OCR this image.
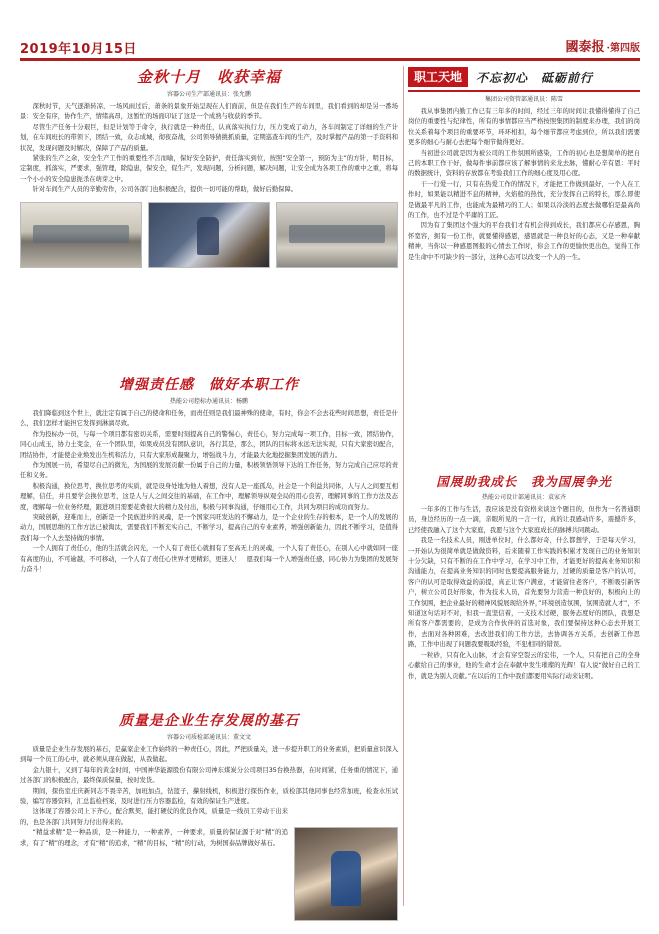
2019年10月15日	國泰报 ·第四版
金秋十月　收获幸福
容器公司生产部通讯员：张允鹏

深秋时节，天气逐渐转凉，一场风雨过后，萧条的景象开始呈现在人们面前，但是在我们生产的车间里，我们看到的却是另一番场景：安全有序，协作生产，情绪高昂，这暂忙的场面印证了这是一个成熟与收获的季节。

尽管生产任务十分艰巨，但是计划等于命令，执行就是一种责任，认真落实执行力，压力变成了动力，各车间制定了详细的生产计划，在车间班长的带领下，团结一致，众志成城，彻夜奋战，公司领导猜挑抓质量，定期巡查车间的生产，及时掌握产品的第一手资料和状况，发现问题及时解决，保障了产品的质量。

紧张的生产之余，安全生产工作的重要性不言而喻，保好安全防护，责任落实到位，按照“安全第一，预防为主”的方针，明目标，定制度，抓落实，严要求，强管理，除隐患，保安全，促生产，发现问题，分析问题，解决问题，让安全成为各项工作的重中之重，将每一个小小的安全隐患扼杀在萌芽之中。

针对车间生产人员的辛勤劳作，公司各部门也积极配合，提供一切可能的帮助，做好后勤保障。

增强责任感　做好本职工作
热能公司控标办通讯员：杨鹏

我们降临到这个世上，就注定有属于自己的使命和任务，而责任则是我们最神殊的使命，有时，你会不会去花些时间思想，责任是什么，我们怎样才能担它发挥到淋漓尽致。

作为投标办一员，与每一个项目都有密切关系，需要时刻提高自己的警惕心，责任心，努力完成每一项工作，目标一致，团结协作，同心山成玉，协力土变金，在一个团队里，如果成员没有团队意识，各行其是，那么，团队的目标将永远无法实现，只有大家密切配合，团结协作，才能使企业焕发出生机和活力，只有大家形成凝聚力，增强战斗力，才能最大化地挖掘集团发展的潜力。

作为国展一员，希望尽自己的微光，为国展的发展贡献一份属于自己的力量，积极领悟领导下达的工作任务，努力完成自己应尽的责任和义务。

积极沟通，换位思考，换位思考的实质，就是设身处地为他人着想，没有人是一座孤岛，社会是一个利益共同体，人与人之间要互相理解，信任，并且要学会换位思考，这是人与人之间交往的基础，在工作中，理解领导纵观全局的用心良苦，理解同事的工作方法及态度，理解每一位业务经理，跟进项目需要花费很大的精力及付出，积极与同事沟通，仔细用心工作，共同为项目的成功而努力。

突破创新，迎难而上，创新是一个民族进步的灵魂，是一个国家兴旺发达的不懈动力，是一个企业的生存的根本，是一个人的发展的动力，国展思维的工作方法已被淘汰，需要我们不断充实自己，不断学习，提高自己的专业素养，增强创新能力，因此不断学习，是值得我们每一个人去坚持做的事情。

一个人拥有了责任心，他的生活就会闪光，一个人有了责任心就拥有了至高无上的灵魂，一个人有了责任心，在别人心中就如同一座有高度的山，不可逾越，不可移动，一个人有了责任心世界才更精彩，更迷人！　愿我们每一个人增强责任感，同心协力为集团的发展努力奋斗！

质量是企业生存发展的基石
容器公司质检部通讯员：董文文

质量是企业生存发展的基石，是赢家企业工作始终的一种责任心，因此，严把质量关，进一步提升职工的业务素质，把质量意识深入到每一个员工的心中，就必须从现在做起，从我做起。

金九银十，又到了每年的黄金时间，中国神华能源股份有限公司神东煤炭分公司项目35台换热器，在时间紧，任务重的情况下，通过各部门的积极配合，最终保质保量，按时发货。

期间，探伤室庄庆新同志不畏辛苦，加班加点，钻篮子，攥射线机，积极进行探伤作业，质检部其他同事也经常加班，检查水压试验，编写容器资料，汇总监检档案，及时进行压力容器监检，有效的保证生产进度。

这体现了容器公司上下齐心，配合默契，能打硬仗的优良作风，质量是一线员工劳动干出来的，也是各部门共同努力付出得来的。

“精益求精”是一种品质，是一种能力，一种素养，一种要求，质量的保证源于对“精”的追求，有了“精”的理念，才有“精”的追求，“精”的目标，“精”的行动，为树国泰品牌做好基石。

职工天地	不忘初心　砥砺前行
集团公司资管部通讯员：陈雪

我从事集团内勤工作已有三年多的时间，经过三年的时间让我懂得懂得了自己岗位的重要性与纪律性，所有的事情都应当严格按照集团的制度来办理，我们的岗位关系着每个项目的重要环节，环环相扣，每个细节都应考虑到位，所以我们需要更多的细心与耐心去把每个细节做得更好。

当初进公司就是因为被公司的工作氛围所感染，工作的初心也是想简单的把自己的本职工作干好，做每件事前都应该了解事情的来龙去脉，懂耐心辛有恩：平时的数据统计，资料的存放都在考验我们工作的细心度及用心度。

干一行爱一行，只有在热爱工作的情况下，才能把工作做到最好，一个人在工作时，如果能以精进不息的精神，火焰般的热忱，充分发挥自己的特长，那么即使是做最平凡的工作，也能成为最精巧的工人；如果以冷淡的态度去做哪怕是最高尚的工作，也不过是个平庸的工匠。

因为有了集团这个强大的平台我们才有机会得到成长，我们都应心存感恩，胸怀宽容，拥有一份工作，就要懂得感恩，感恩就是一种良好的心态，又是一种奉献精神，当你以一种感恩图报的心情去工作时，你会工作的更愉快更出色，觉得工作是生命中不可缺少的一部分，这种心态可以改变一个人的一生。

国展助我成长　我为国展争光
热能公司设计部通讯员：袁家齐

一年多的工作与生活，我应该是没有资格来谈这个题目的，但作为一名普通职员，身边经历的一点一滴，亲眼所见的一言一行，真的让我感动许多，震撼许多，已经使我融入了这个大家庭，我愿与这个大家庭成长的脉搏共同跳动。

我是一名技术人员，刚进单位时，什么都好奇，什么都想学，于是每天学习，一开始认为很简单就是做做资料，后来随着工作实践的积累才发现自己的业务知识十分欠缺，只有不断的在工作中学习，在学习中工作，才能更好的提高业务知识和沟通能力，在提高业务知识的同时也要提高服务能力，过硬的质量是客户的认可，客户的认可是取得效益的前提，真正让客户满意，才能留住老客户，不断吸引新客户，树立公司良好形象，作为技术人员，首先要努力营造一种良好的，积极向上的工作氛围，把企业最好的精神风貌展现给外界，”环境创造氛围，氛围造就人才”，不知道这句话对不对，但我一直坚信着，一支技术过硬，服务态度好的团队，我想是所有客户都需要的，是成为合作伙伴的首选对象，我们要保持这种心态去开展工作，去面对各种困难，去改进我们的工作方法，去协调各方关系，去创新工作思路，工作中出现了问题我要吸取经验，不犯相同的错误。

一粒砂，只有化入山脉，才会有穿空裂云的宏伟，一个人，只有把自己的全身心献给自己的事业，他的生命才会在奉献中发生璀璨的光辉！有人说“做好自己的工作，就是为别人贡献。”在以后的工作中我们都要用实际行动来证明。
